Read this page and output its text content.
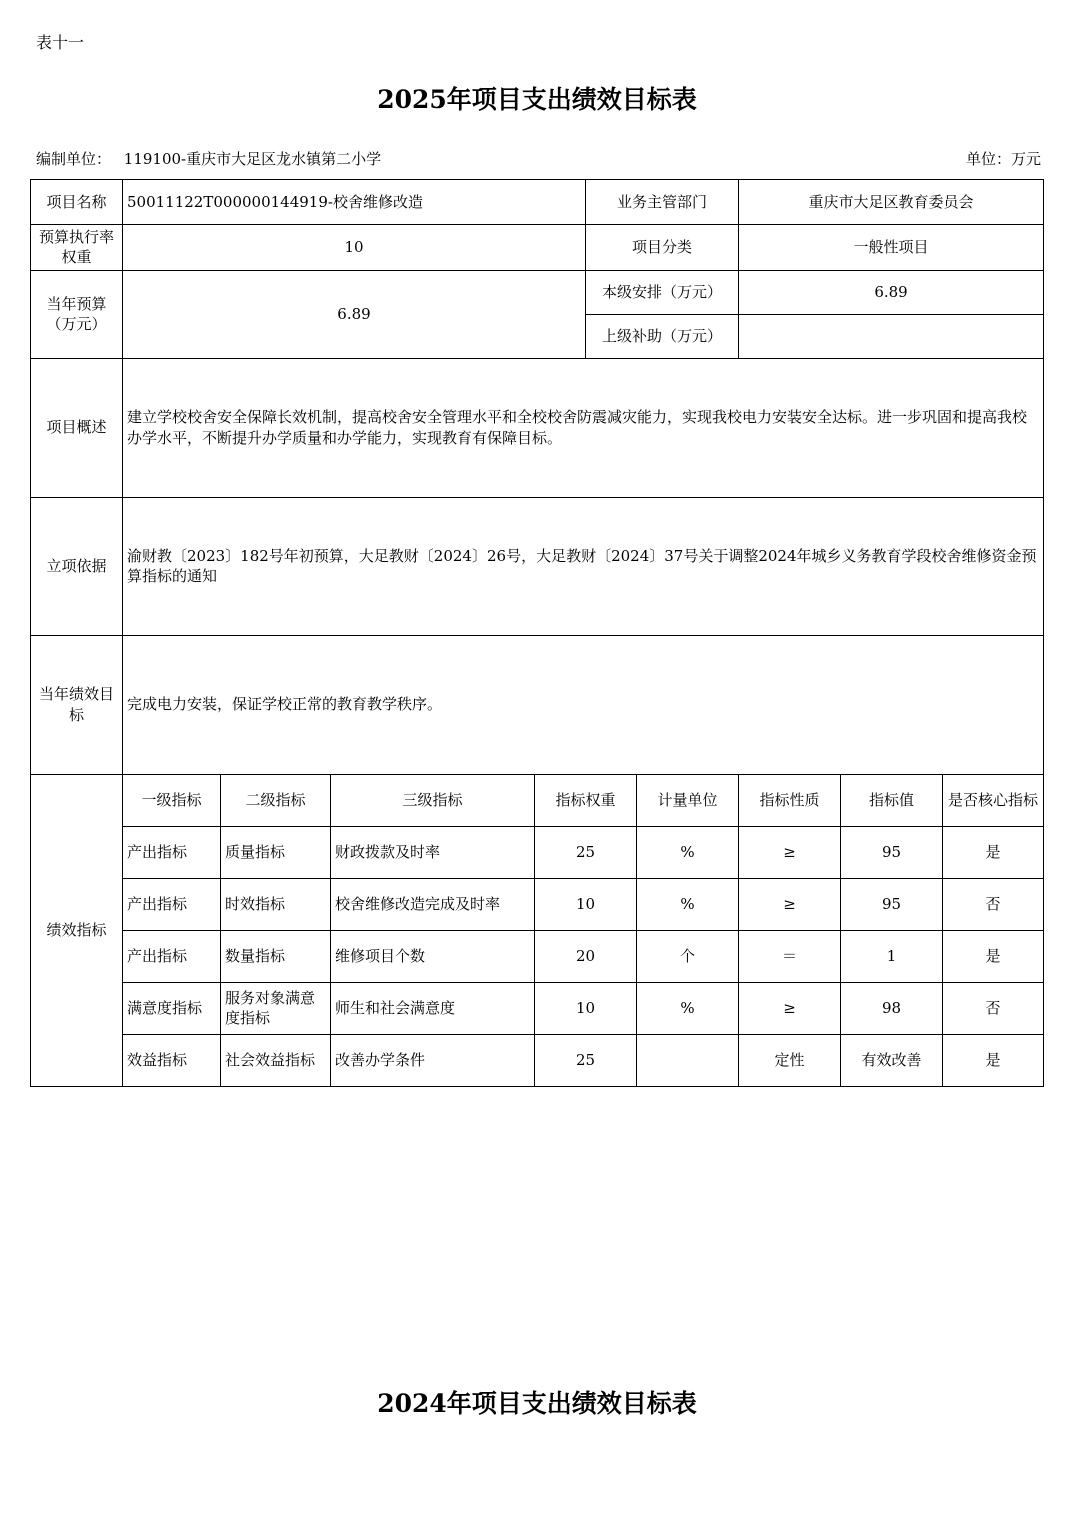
表十一
2025年项目支出绩效目标表
编制单位： 119100-重庆市大足区龙水镇第二小学	单位：万元
项目名称	50011122T000000144919-校舍维修改造				业务主管部门		重庆市大足区教育委员会		
预算执行率权重	10				项目分类		一般性项目		
当年预算（万元）	6.89				本级安排（万元）		6.89		
					上级补助（万元）				
项目概述	建立学校校舍安全保障长效机制，提高校舍安全管理水平和全校校舍防震减灾能力，实现我校电力安装安全达标。进一步巩固和提高我校办学水平，不断提升办学质量和办学能力，实现教育有保障目标。								
立项依据	渝财教〔2023〕182号年初预算，大足教财〔2024〕26号，大足教财〔2024〕37号关于调整2024年城乡义务教育学段校舍维修资金预算指标的通知								
当年绩效目标	完成电力安装，保证学校正常的教育教学秩序。								
绩效指标	一级指标	二级指标	三级指标	指标权重		计量单位	指标性质	指标值	是否核心指标
	产出指标	质量指标	财政拨款及时率	25		%	≥	95	是
	产出指标	时效指标	校舍维修改造完成及时率	10		%	≥	95	否
	产出指标	数量指标	维修项目个数	20		个	＝	1	是
	满意度指标	服务对象满意度指标	师生和社会满意度	10		%	≥	98	否
	效益指标	社会效益指标	改善办学条件	25			定性	有效改善	是
2024年项目支出绩效目标表
